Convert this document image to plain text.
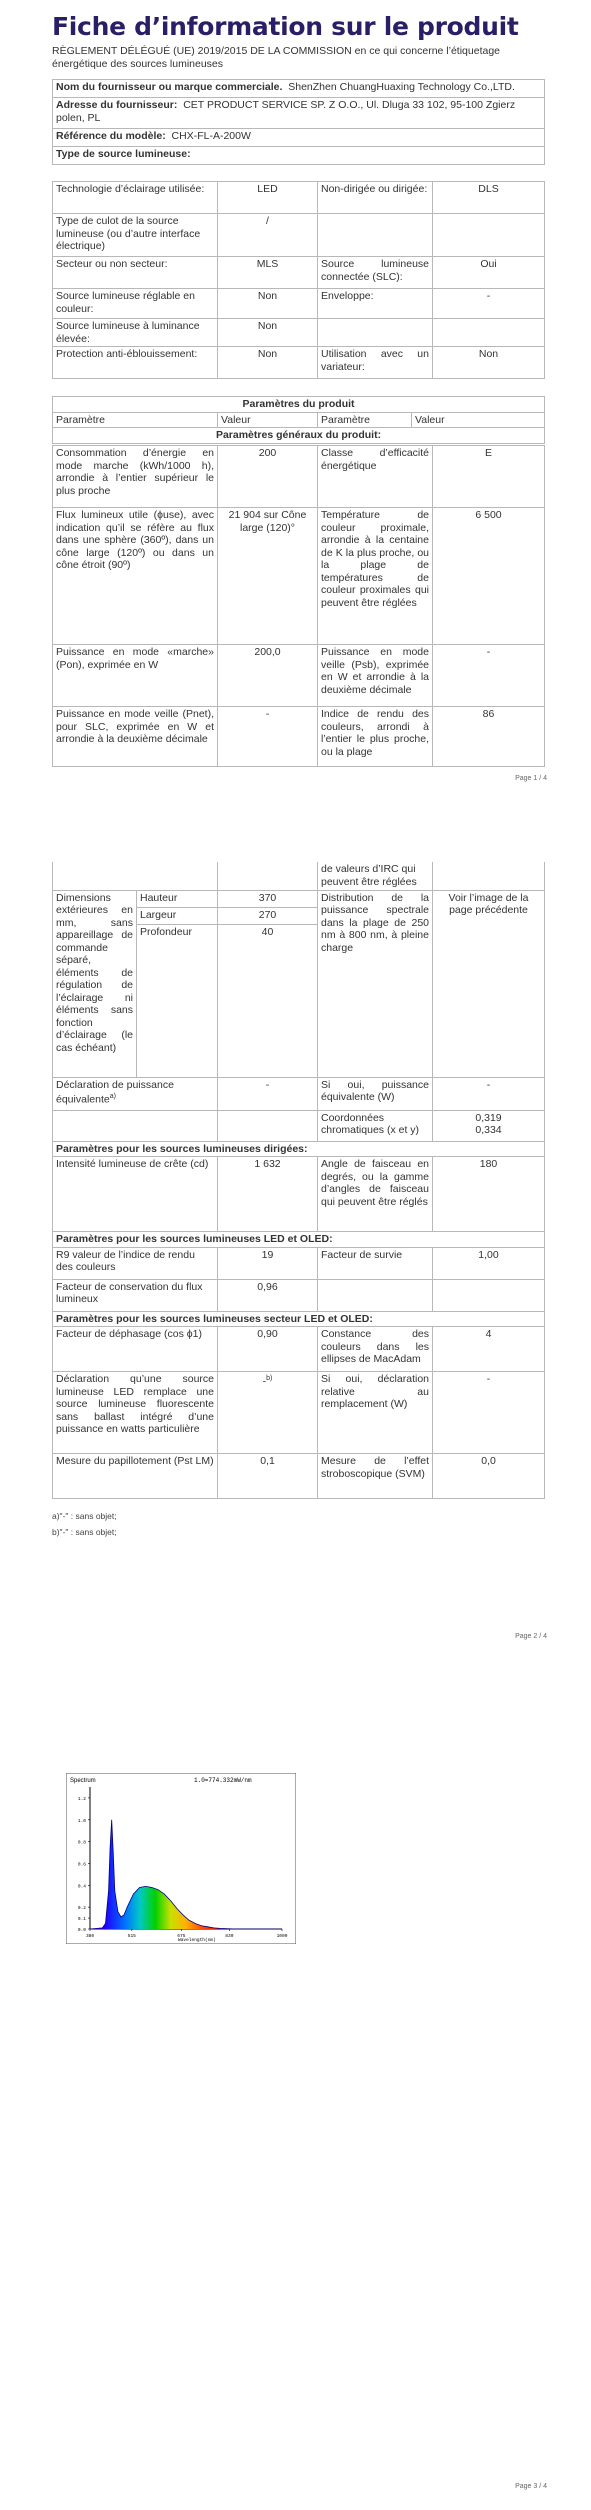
Fiche d’information sur le produit
RÈGLEMENT DÉLÉGUÉ (UE) 2019/2015 DE LA COMMISSION en ce qui concerne l’étiquetage énergétique des sources lumineuses
Nom du fournisseur ou marque commerciale. ShenZhen ChuangHuaxing Technology Co.,LTD.
Adresse du fournisseur: CET PRODUCT SERVICE SP. Z O.O., Ul. Dluga 33 102, 95-100 Zgierz polen, PL
Référence du modèle: CHX-FL-A-200W
Type de source lumineuse:
Technologie d’éclairage utilisée:	LED	Non-dirigée ou dirigée:	DLS
Type de culot de la source lumineuse (ou d’autre interface électrique)	/		
Secteur ou non secteur:	MLS	Source lumineuse connectée (SLC):	Oui
Source lumineuse réglable en couleur:	Non	Enveloppe:	-
Source lumineuse à luminance élevée:	Non		
Protection anti-éblouissement:	Non	Utilisation avec un variateur:	Non
Paramètres du produit
Paramètre	Valeur	Paramètre	Valeur
Paramètres généraux du produit:
Consommation d’énergie en mode marche (kWh/1000 h), arrondie à l’entier supérieur le plus proche	200	Classe d’efficacité énergétique	E
Flux lumineux utile (ϕuse), avec indication qu’il se réfère au flux dans une sphère (360º), dans un cône large (120º) ou dans un cône étroit (90º)	21 904 sur Cône large (120)°	Température de couleur proximale, arrondie à la centaine de K la plus proche, ou la plage de températures de couleur proximales qui peuvent être réglées	6 500
Puissance en mode «marche» (Pon), exprimée en W	200,0	Puissance en mode veille (Psb), exprimée en W et arrondie à la deuxième décimale	-
Puissance en mode veille (Pnet), pour SLC, exprimée en W et arrondie à la deuxième décimale	-	Indice de rendu des couleurs, arrondi à l’entier le plus proche, ou la plage	86
Page 1 / 4
			de valeurs d’IRC qui peuvent être réglées	
Dimensions extérieures en mm, sans appareillage de commande séparé, éléments de régulation de l’éclairage ni éléments sans fonction d’éclairage (le cas échéant)	Hauteur	370	Distribution de la puissance spectrale dans la plage de 250 nm à 800 nm, à pleine charge	Voir l’image de la page précédente
	Largeur	270		
	Profondeur	40		
Déclaration de puissance équivalente$^{a)}$		-	Si oui, puissance équivalente (W)	-
			Coordonnées chromatiques (x et y)	0,319
0,334

Paramètres pour les sources lumineuses dirigées:				
Intensité lumineuse de crête (cd)		1 632	Angle de faisceau en degrés, ou la gamme d’angles de faisceau qui peuvent être réglés	180
Paramètres pour les sources lumineuses LED et OLED:				
R9 valeur de l’indice de rendu des couleurs		19	Facteur de survie	1,00
Facteur de conservation du flux lumineux		0,96		
Paramètres pour les sources lumineuses secteur LED et OLED:				
Facteur de déphasage (cos ϕ1)		0,90	Constance des couleurs dans les ellipses de MacAdam	4
Déclaration qu’une source lumineuse LED remplace une source lumineuse fluorescente sans ballast intégré d’une puissance en watts particulière		-$^{b)}$	Si oui, déclaration relative au remplacement (W)	-
Mesure du papillotement (Pst LM)		0,1	Mesure de l’effet stroboscopique (SVM)	0,0
a)"-" : sans objet;
b)"-" : sans objet;
Page 2 / 4
Page 3 / 4
Spectrum	1.0=774.332mW/nm
Wavelength(nm)
0.0
0.1
0.2
0.4
0.6
0.8
1.0
1.2
380	515	675	830	1000
